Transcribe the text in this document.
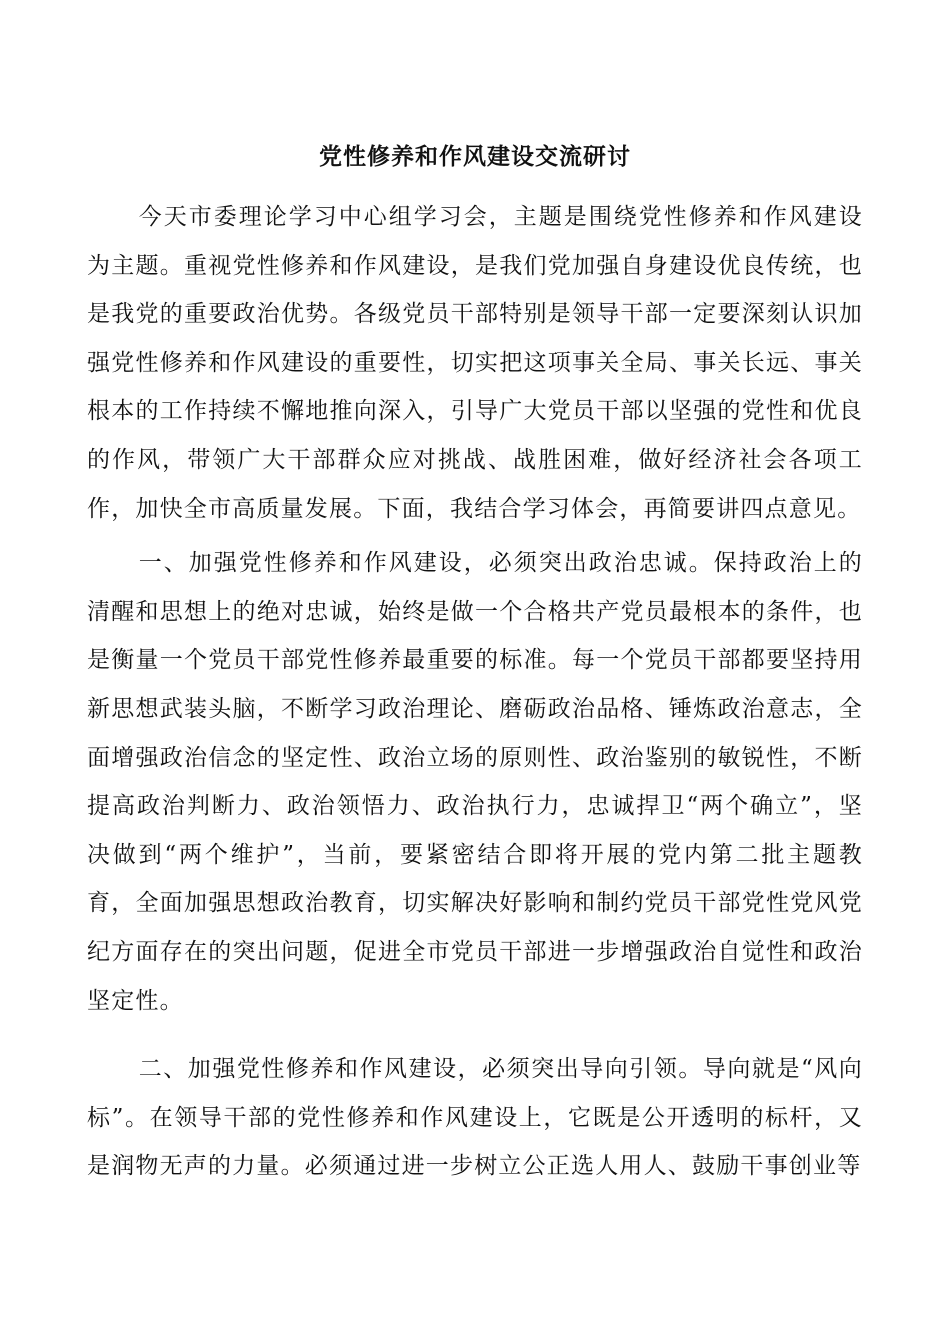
党性修养和作风建设交流研讨

今天市委理论学习中心组学习会，主题是围绕党性修养和作风建设为主题。重视党性修养和作风建设，是我们党加强自身建设优良传统，也是我党的重要政治优势。各级党员干部特别是领导干部一定要深刻认识加强党性修养和作风建设的重要性，切实把这项事关全局、事关长远、事关根本的工作持续不懈地推向深入，引导广大党员干部以坚强的党性和优良的作风，带领广大干部群众应对挑战、战胜困难，做好经济社会各项工作，加快全市高质量发展。下面，我结合学习体会，再简要讲四点意见。

一、加强党性修养和作风建设，必须突出政治忠诚。保持政治上的清醒和思想上的绝对忠诚，始终是做一个合格共产党员最根本的条件，也是衡量一个党员干部党性修养最重要的标准。每一个党员干部都要坚持用新思想武装头脑，不断学习政治理论、磨砺政治品格、锤炼政治意志，全面增强政治信念的坚定性、政治立场的原则性、政治鉴别的敏锐性，不断提高政治判断力、政治领悟力、政治执行力，忠诚捍卫“两个确立”，坚决做到“两个维护”，当前，要紧密结合即将开展的党内第二批主题教育，全面加强思想政治教育，切实解决好影响和制约党员干部党性党风党纪方面存在的突出问题，促进全市党员干部进一步增强政治自觉性和政治坚定性。

二、加强党性修养和作风建设，必须突出导向引领。导向就是“风向标”。在领导干部的党性修养和作风建设上，它既是公开透明的标杆，又是润物无声的力量。必须通过进一步树立公正选人用人、鼓励干事创业等
